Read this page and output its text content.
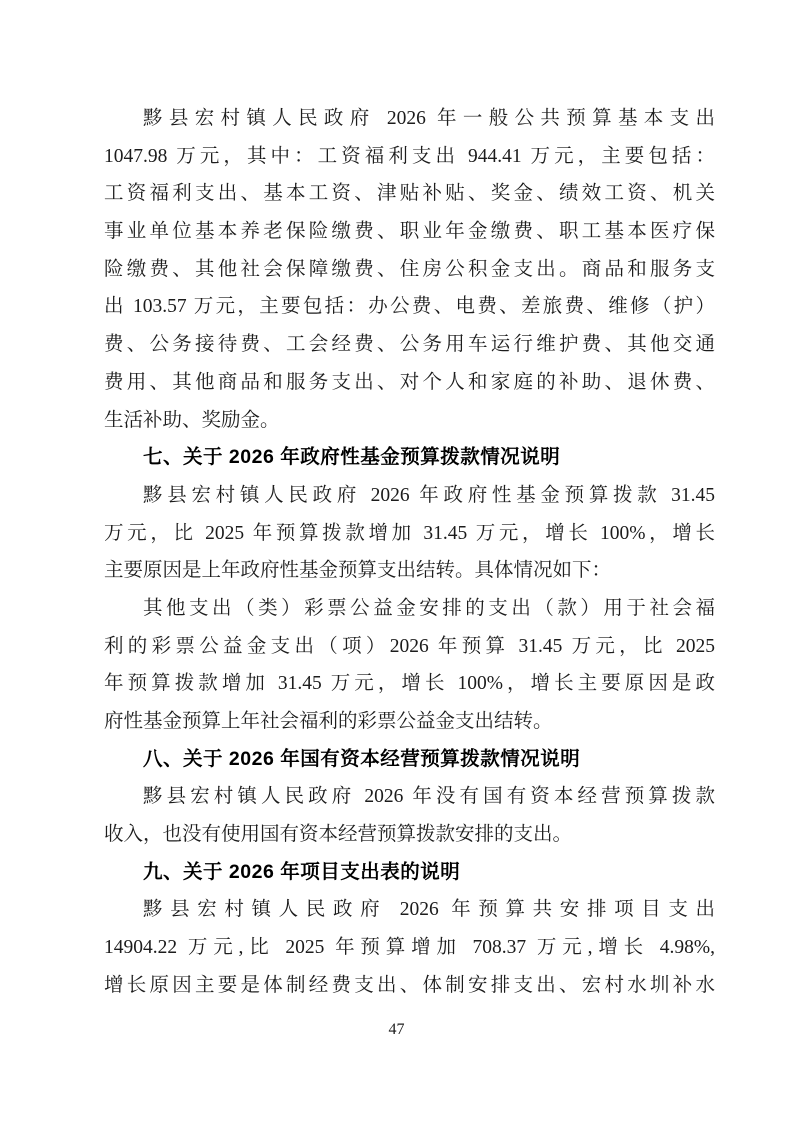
黟县宏村镇人民政府 2026 年一般公共预算基本支出
1047.98 万元，其中：工资福利支出 944.41 万元，主要包括：
工资福利支出、基本工资、津贴补贴、奖金、绩效工资、机关
事业单位基本养老保险缴费、职业年金缴费、职工基本医疗保
险缴费、其他社会保障缴费、住房公积金支出。商品和服务支
出 103.57 万元，主要包括：办公费、电费、差旅费、维修（护）
费、公务接待费、工会经费、公务用车运行维护费、其他交通
费用、其他商品和服务支出、对个人和家庭的补助、退休费、
生活补助、奖励金。
七、关于 2026 年政府性基金预算拨款情况说明
黟县宏村镇人民政府 2026 年政府性基金预算拨款 31.45
万元，比 2025 年预算拨款增加 31.45 万元，增长 100%，增长
主要原因是上年政府性基金预算支出结转。具体情况如下：
其他支出（类）彩票公益金安排的支出（款）用于社会福
利的彩票公益金支出（项）2026 年预算 31.45 万元，比 2025
年预算拨款增加 31.45 万元，增长 100%，增长主要原因是政
府性基金预算上年社会福利的彩票公益金支出结转。
八、关于 2026 年国有资本经营预算拨款情况说明
黟县宏村镇人民政府 2026 年没有国有资本经营预算拨款
收入，也没有使用国有资本经营预算拨款安排的支出。
九、关于 2026 年项目支出表的说明
黟县宏村镇人民政府 2026 年预算共安排项目支出
14904.22 万元,比 2025 年预算增加 708.37 万元,增长 4.98%,
增长原因主要是体制经费支出、体制安排支出、宏村水圳补水
47
